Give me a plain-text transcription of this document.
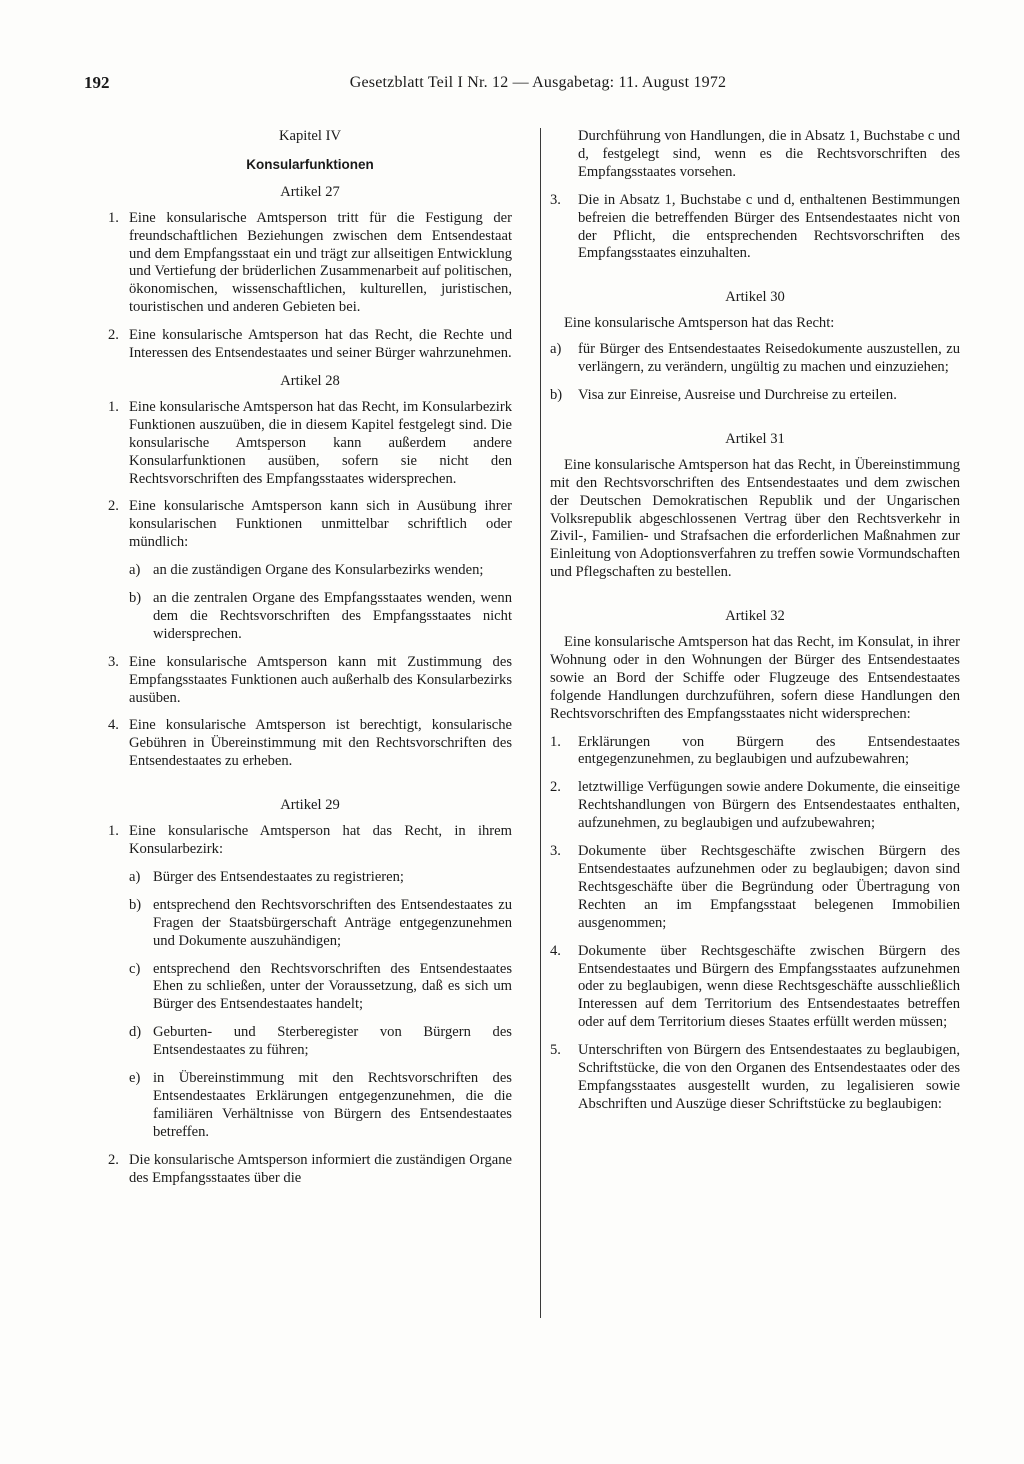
192	Gesetzblatt Teil I Nr. 12 — Ausgabetag: 11. August 1972
Kapitel IV
Konsularfunktionen
Artikel 27
1. Eine konsularische Amtsperson tritt für die Festigung der freundschaftlichen Beziehungen zwischen dem Entsendestaat und dem Empfangsstaat ein und trägt zur allseitigen Entwicklung und Vertiefung der brüderlichen Zusammenarbeit auf politischen, ökonomischen, wissenschaftlichen, kulturellen, juristischen, touristischen und anderen Gebieten bei.
2. Eine konsularische Amtsperson hat das Recht, die Rechte und Interessen des Entsendestaates und seiner Bürger wahrzunehmen.
Artikel 28
1. Eine konsularische Amtsperson hat das Recht, im Konsularbezirk Funktionen auszuüben, die in diesem Kapitel festgelegt sind. Die konsularische Amtsperson kann außerdem andere Konsularfunktionen ausüben, sofern sie nicht den Rechtsvorschriften des Empfangsstaates widersprechen.
2. Eine konsularische Amtsperson kann sich in Ausübung ihrer konsularischen Funktionen unmittelbar schriftlich oder mündlich:
a) an die zuständigen Organe des Konsularbezirks wenden;
b) an die zentralen Organe des Empfangsstaates wenden, wenn dem die Rechtsvorschriften des Empfangsstaates nicht widersprechen.
3. Eine konsularische Amtsperson kann mit Zustimmung des Empfangsstaates Funktionen auch außerhalb des Konsularbezirks ausüben.
4. Eine konsularische Amtsperson ist berechtigt, konsularische Gebühren in Übereinstimmung mit den Rechtsvorschriften des Entsendestaates zu erheben.
Artikel 29
1. Eine konsularische Amtsperson hat das Recht, in ihrem Konsularbezirk:
a) Bürger des Entsendestaates zu registrieren;
b) entsprechend den Rechtsvorschriften des Entsendestaates zu Fragen der Staatsbürgerschaft Anträge entgegenzunehmen und Dokumente auszuhändigen;
c) entsprechend den Rechtsvorschriften des Entsendestaates Ehen zu schließen, unter der Voraussetzung, daß es sich um Bürger des Entsendestaates handelt;
d) Geburten- und Sterberegister von Bürgern des Entsendestaates zu führen;
e) in Übereinstimmung mit den Rechtsvorschriften des Entsendestaates Erklärungen entgegenzunehmen, die die familiären Verhältnisse von Bürgern des Entsendestaates betreffen.
2. Die konsularische Amtsperson informiert die zuständigen Organe des Empfangsstaates über die
Durchführung von Handlungen, die in Absatz 1, Buchstabe c und d, festgelegt sind, wenn es die Rechtsvorschriften des Empfangsstaates vorsehen.
3.	Die in Absatz 1, Buchstabe c und d, enthaltenen Bestimmungen befreien die betreffenden Bürger des Entsendestaates nicht von der Pflicht, die entsprechenden Rechtsvorschriften des Empfangsstaates einzuhalten.
Artikel 30
Eine konsularische Amtsperson hat das Recht:
a)	für Bürger des Entsendestaates Reisedokumente auszustellen, zu verlängern, zu verändern, ungültig zu machen und einzuziehen;
b)	Visa zur Einreise, Ausreise und Durchreise zu erteilen.
Artikel 31
Eine konsularische Amtsperson hat das Recht, in Übereinstimmung mit den Rechtsvorschriften des Entsendestaates und dem zwischen der Deutschen Demokratischen Republik und der Ungarischen Volksrepublik abgeschlossenen Vertrag über den Rechtsverkehr in Zivil-, Familien- und Strafsachen die erforderlichen Maßnahmen zur Einleitung von Adoptionsverfahren zu treffen sowie Vormundschaften und Pflegschaften zu bestellen.
Artikel 32
Eine konsularische Amtsperson hat das Recht, im Konsulat, in ihrer Wohnung oder in den Wohnungen der Bürger des Entsendestaates sowie an Bord der Schiffe oder Flugzeuge des Entsendestaates folgende Handlungen durchzuführen, sofern diese Handlungen den Rechtsvorschriften des Empfangsstaates nicht widersprechen:
1.	Erklärungen von Bürgern des Entsendestaates entgegenzunehmen, zu beglaubigen und aufzubewahren;
2.	letztwillige Verfügungen sowie andere Dokumente, die einseitige Rechtshandlungen von Bürgern des Entsendestaates enthalten, aufzunehmen, zu beglaubigen und aufzubewahren;
3.	Dokumente über Rechtsgeschäfte zwischen Bürgern des Entsendestaates aufzunehmen oder zu beglaubigen; davon sind Rechtsgeschäfte über die Begründung oder Übertragung von Rechten an im Empfangsstaat belegenen Immobilien ausgenommen;
4.	Dokumente über Rechtsgeschäfte zwischen Bürgern des Entsendestaates und Bürgern des Empfangsstaates aufzunehmen oder zu beglaubigen, wenn diese Rechtsgeschäfte ausschließlich Interessen auf dem Territorium des Entsendestaates betreffen oder auf dem Territorium dieses Staates erfüllt werden müssen;
5.	Unterschriften von Bürgern des Entsendestaates zu beglaubigen, Schriftstücke, die von den Organen des Entsendestaates oder des Empfangsstaates ausgestellt wurden, zu legalisieren sowie Abschriften und Auszüge dieser Schriftstücke zu beglaubigen:
